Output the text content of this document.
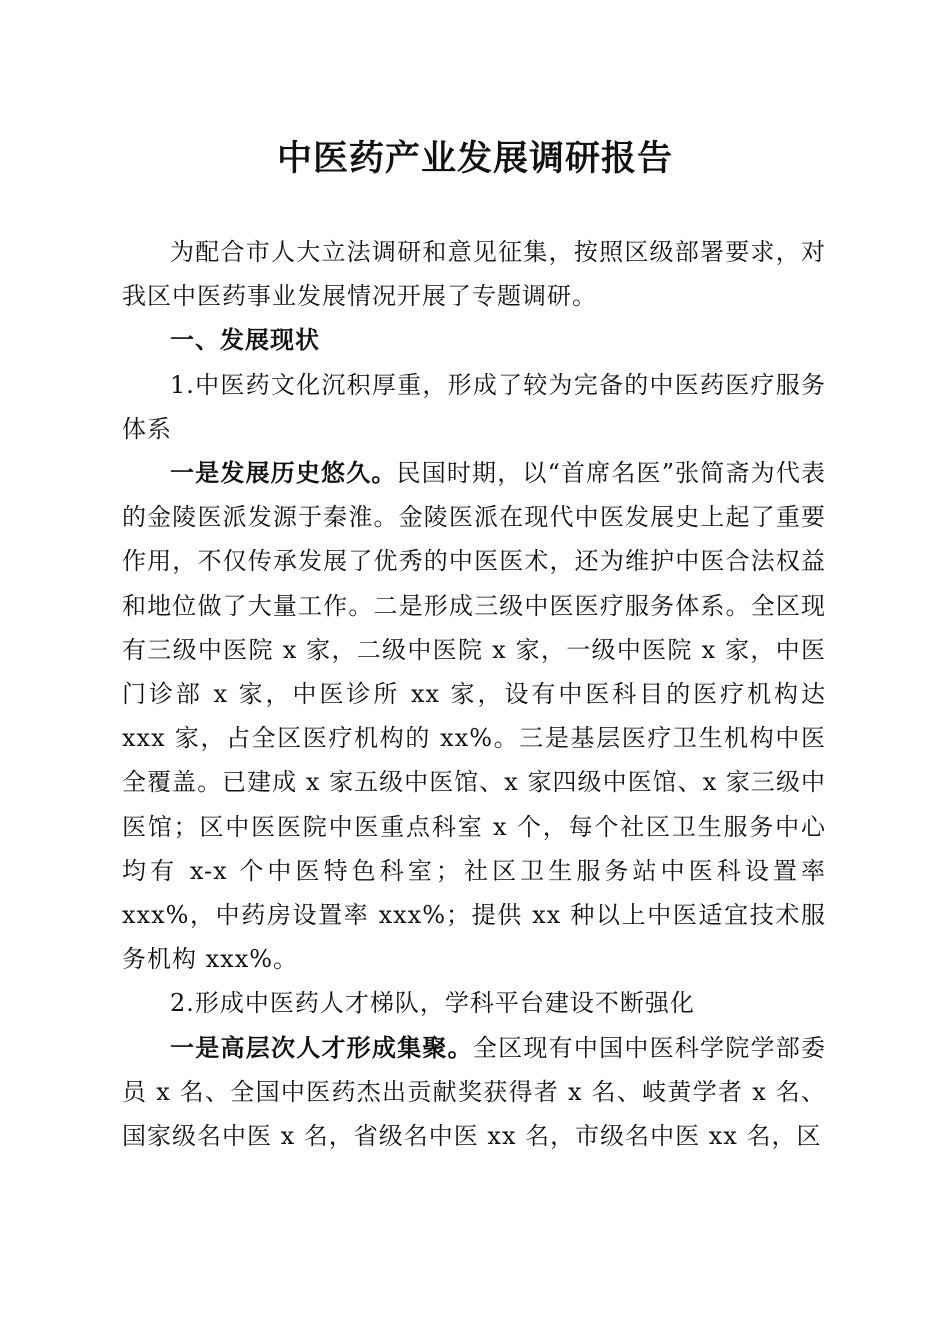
中医药产业发展调研报告

为配合市人大立法调研和意见征集，按照区级部署要求，对我区中医药事业发展情况开展了专题调研。

一、发展现状

1.中医药文化沉积厚重，形成了较为完备的中医药医疗服务体系

一是发展历史悠久。民国时期，以“首席名医”张简斋为代表的金陵医派发源于秦淮。金陵医派在现代中医发展史上起了重要作用，不仅传承发展了优秀的中医医术，还为维护中医合法权益和地位做了大量工作。二是形成三级中医医疗服务体系。全区现有三级中医院 x 家，二级中医院 x 家，一级中医院 x 家，中医门诊部 x 家，中医诊所 xx 家，设有中医科目的医疗机构达 xxx 家，占全区医疗机构的 xx%。三是基层医疗卫生机构中医全覆盖。已建成 x 家五级中医馆、x 家四级中医馆、x 家三级中医馆；区中医医院中医重点科室 x 个，每个社区卫生服务中心均有 x-x 个中医特色科室；社区卫生服务站中医科设置率 xxx%，中药房设置率 xxx%；提供 xx 种以上中医适宜技术服务机构 xxx%。

2.形成中医药人才梯队，学科平台建设不断强化

一是高层次人才形成集聚。全区现有中国中医科学院学部委员 x 名、全国中医药杰出贡献奖获得者 x 名、岐黄学者 x 名、国家级名中医 x 名，省级名中医 xx 名，市级名中医 xx 名，区
